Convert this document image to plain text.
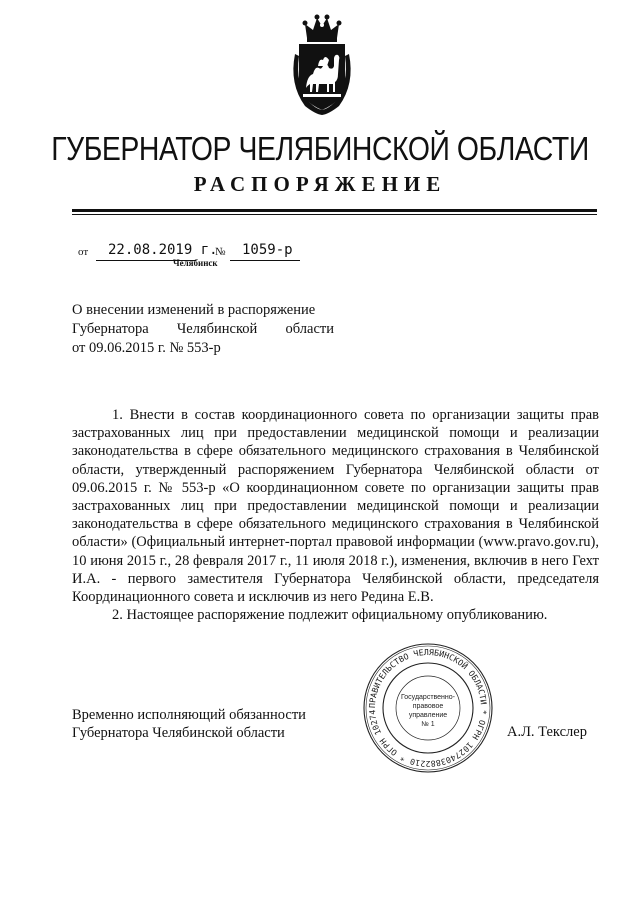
ГУБЕРНАТОР ЧЕЛЯБИНСКОЙ ОБЛАСТИ
РАСПОРЯЖЕНИЕ
от 22.08.2019 г.
№ 1059-р
Челябинск

О внесении изменений в распоряжение

Губернатора Челябинской области

от 09.06.2015 г. № 553-р

1. Внести в состав координационного совета по организации защиты прав застрахованных лиц при предоставлении медицинской помощи и реализации законодательства в сфере обязательного медицинского страхования в Челябинской области, утвержденный распоряжением Губернатора Челябинской области от 09.06.2015 г. № 553-р «О координационном совете по организации защиты прав застрахованных лиц при предоставлении медицинской помощи и реализации законодательства в сфере обязательного медицинского страхования в Челябинской области» (Официальный интернет-портал правовой информации (www.pravo.gov.ru), 10 июня 2015 г., 28 февраля 2017 г., 11 июля 2018 г.), изменения, включив в него Гехт И.А. - первого заместителя Губернатора Челябинской области, председателя Координационного совета и исключив из него Редина Е.В.

2. Настоящее распоряжение подлежит официальному опубликованию.

ПРАВИТЕЛЬСТВО ЧЕЛЯБИНСКОЙ ОБЛАСТИ * ОГРН 1027403882210 * ОГРН 10274
Государственно-
правовое
управление
№ 1
Временно исполняющий обязанности
Губернатора Челябинской области	А.Л. Текслер
